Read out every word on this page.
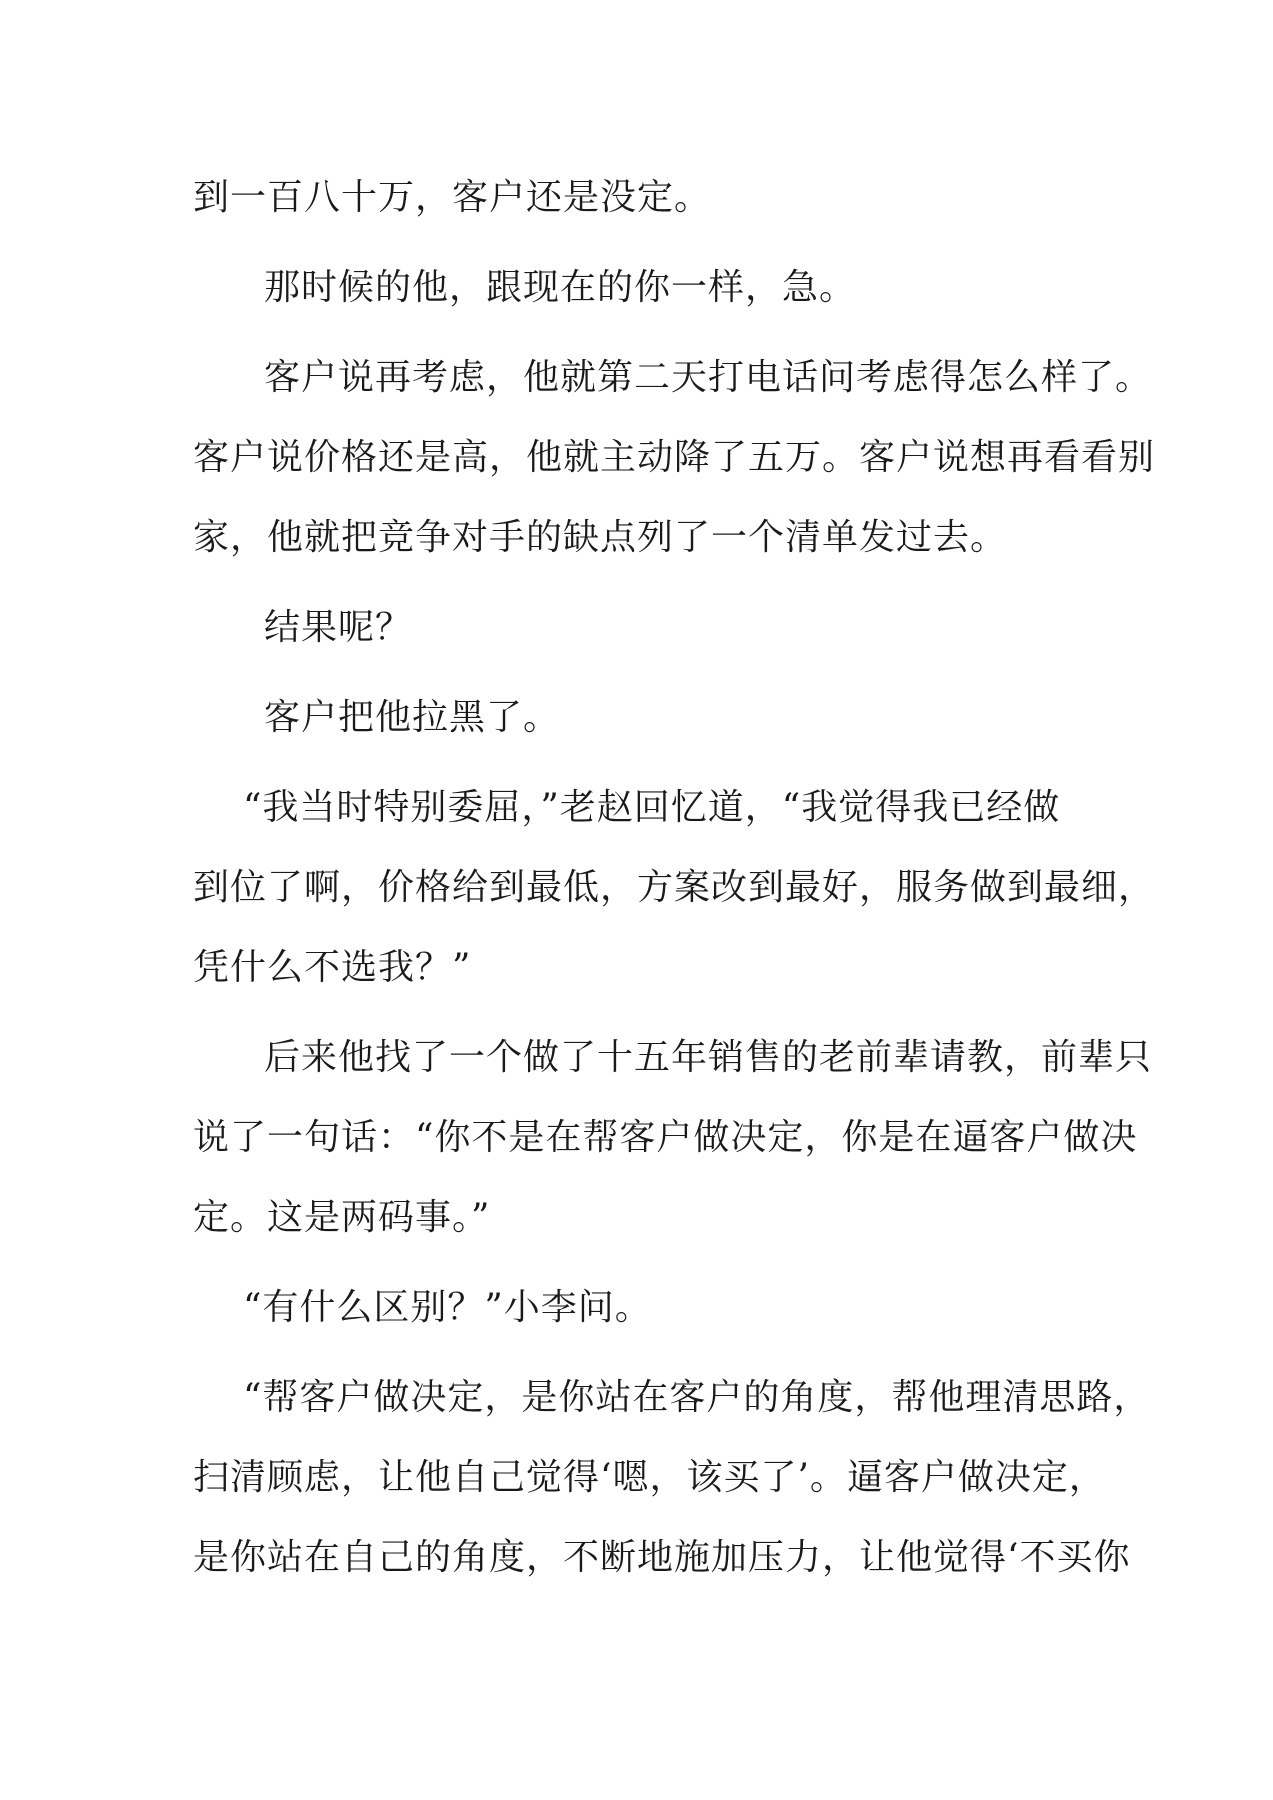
到一百八十万，客户还是没定。
那时候的他，跟现在的你一样，急。
客户说再考虑，他就第二天打电话问考虑得怎么样了。
客户说价格还是高，他就主动降了五万。客户说想再看看别
家，他就把竞争对手的缺点列了一个清单发过去。
结果呢？
客户把他拉黑了。
“我当时特别委屈，”老赵回忆道，“我觉得我已经做
到位了啊，价格给到最低，方案改到最好，服务做到最细，
凭什么不选我？”
后来他找了一个做了十五年销售的老前辈请教，前辈只
说了一句话：“你不是在帮客户做决定，你是在逼客户做决
定。这是两码事。”
“有什么区别？”小李问。
“帮客户做决定，是你站在客户的角度，帮他理清思路，
扫清顾虑，让他自己觉得‘嗯，该买了’。逼客户做决定，
是你站在自己的角度，不断地施加压力，让他觉得‘不买你
